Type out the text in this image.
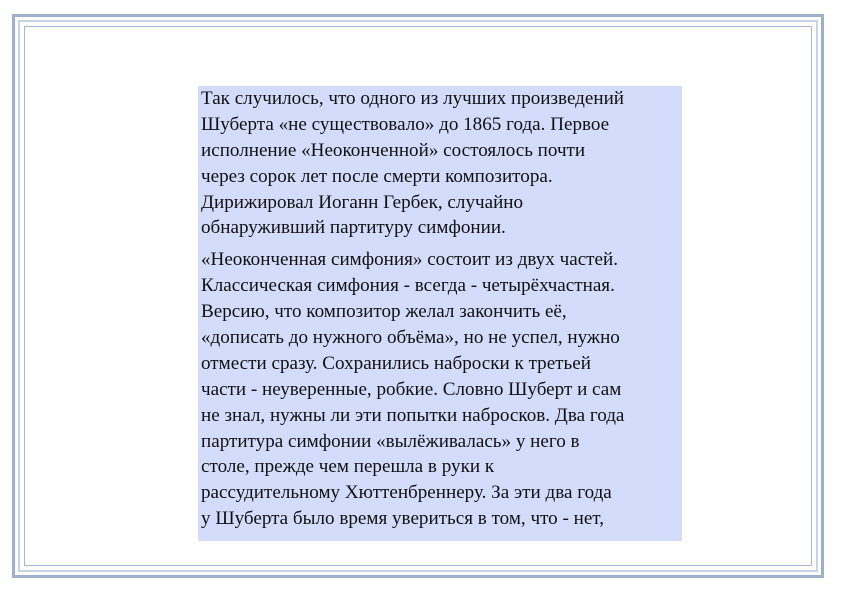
Так случилось, что одного из лучших произведений
Шуберта «не существовало» до 1865 года. Первое
исполнение «Неоконченной» состоялось почти
через сорок лет после смерти композитора.
Дирижировал Иоганн Гербек, случайно
обнаруживший партитуру симфонии.

«Неоконченная симфония» состоит из двух частей.
Классическая симфония - всегда - четырёхчастная.
Версию, что композитор желал закончить её,
«дописать до нужного объёма», но не успел, нужно
отмести сразу. Сохранились наброски к третьей
части - неуверенные, робкие. Словно Шуберт и сам
не знал, нужны ли эти попытки набросков. Два года
партитура симфонии «вылёживалась» у него в
столе, прежде чем перешла в руки к
рассудительному Хюттенбреннеру. За эти два года
у Шуберта было время увериться в том, что - нет,
